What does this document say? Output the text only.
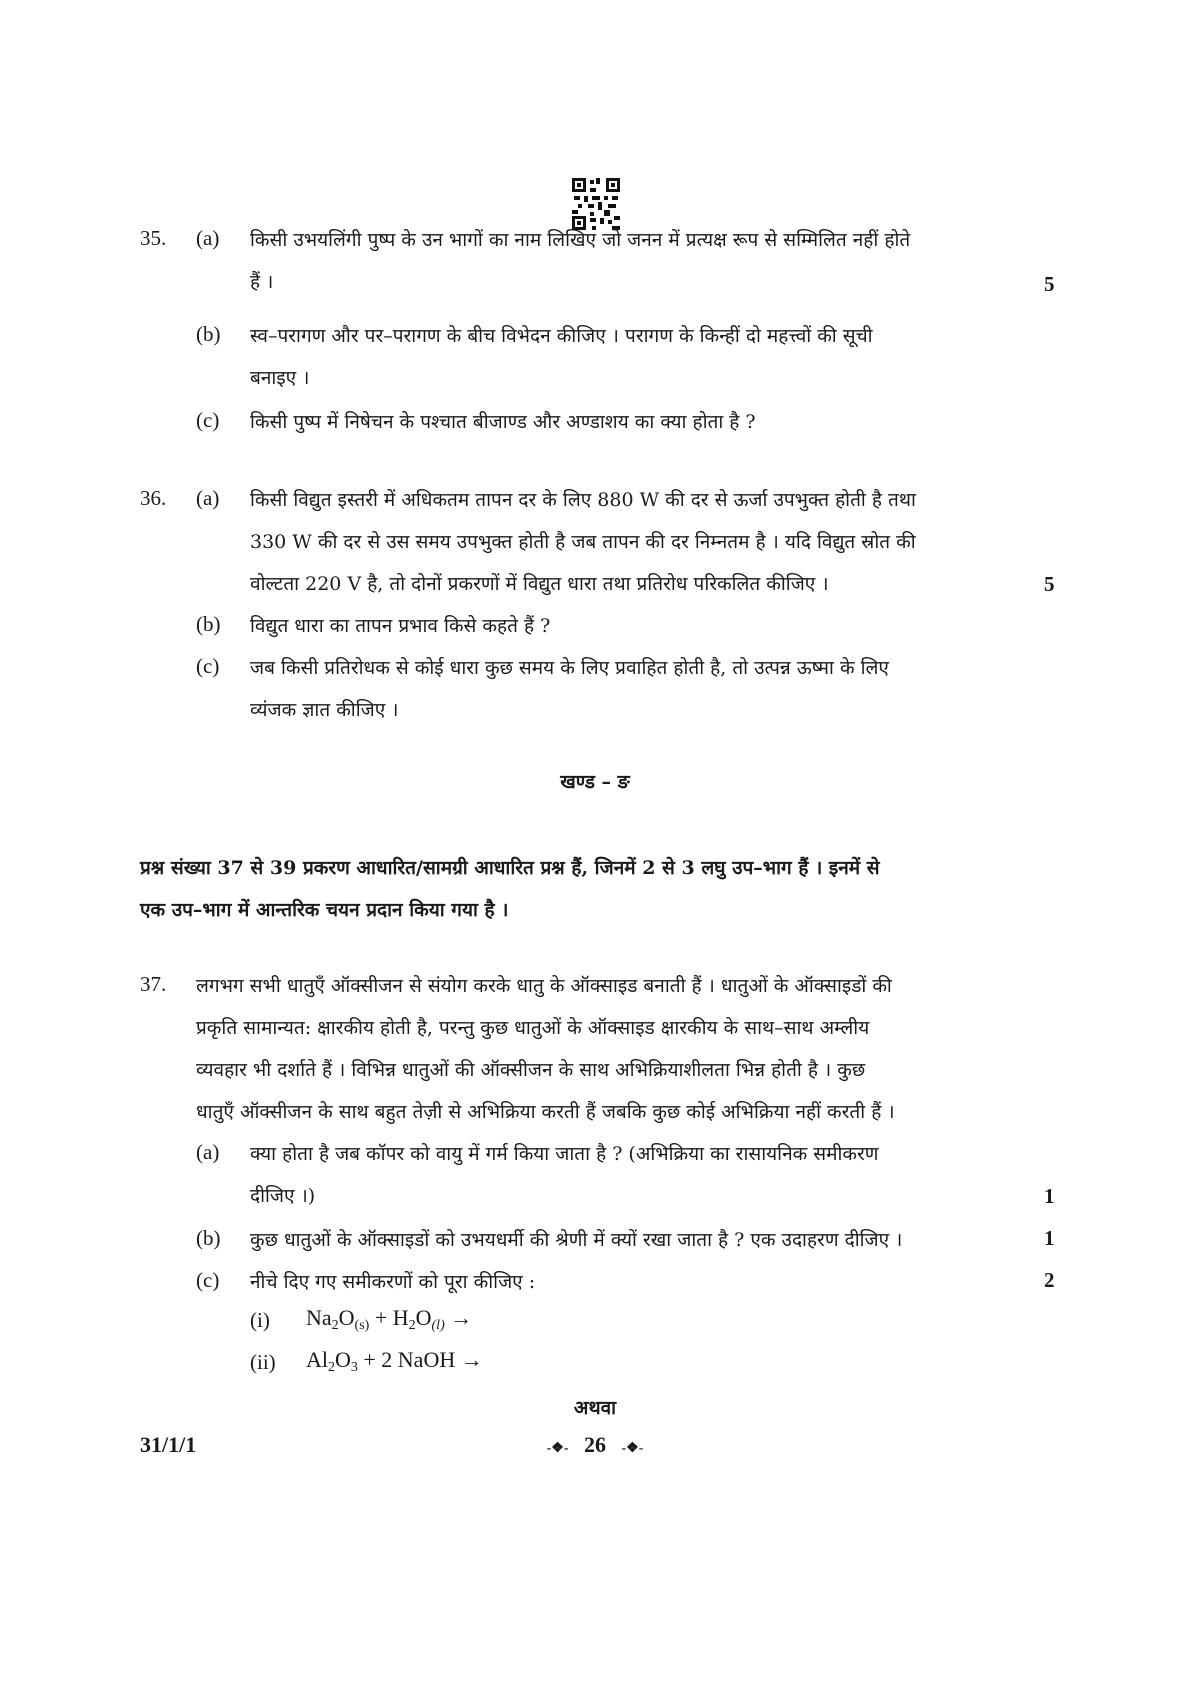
35. (a) किसी उभयलिंगी पुष्प के उन भागों का नाम लिखिए जो जनन में प्रत्यक्ष रूप से सम्मिलित नहीं होते
हैं ।	5
(b) स्व–परागण और पर–परागण के बीच विभेदन कीजिए । परागण के किन्हीं दो महत्त्वों की सूची
बनाइए ।
(c) किसी पुष्प में निषेचन के पश्चात बीजाण्ड और अण्डाशय का क्या होता है ?
36. (a) किसी विद्युत इस्तरी में अधिकतम तापन दर के लिए 880 W की दर से ऊर्जा उपभुक्त होती है तथा
330 W की दर से उस समय उपभुक्त होती है जब तापन की दर निम्नतम है । यदि विद्युत स्रोत की
वोल्टता 220 V है, तो दोनों प्रकरणों में विद्युत धारा तथा प्रतिरोध परिकलित कीजिए ।	5
(b) विद्युत धारा का तापन प्रभाव किसे कहते हैं ?
(c) जब किसी प्रतिरोधक से कोई धारा कुछ समय के लिए प्रवाहित होती है, तो उत्पन्न ऊष्मा के लिए
व्यंजक ज्ञात कीजिए ।
खण्ड – ङ
प्रश्न संख्या 37 से 39 प्रकरण आधारित/सामग्री आधारित प्रश्न हैं, जिनमें 2 से 3 लघु उप–भाग हैं । इनमें से
एक उप–भाग में आन्तरिक चयन प्रदान किया गया है ।
37. लगभग सभी धातुएँ ऑक्सीजन से संयोग करके धातु के ऑक्साइड बनाती हैं । धातुओं के ऑक्साइडों की
प्रकृति सामान्यत: क्षारकीय होती है, परन्तु कुछ धातुओं के ऑक्साइड क्षारकीय के साथ–साथ अम्लीय
व्यवहार भी दर्शाते हैं । विभिन्न धातुओं की ऑक्सीजन के साथ अभिक्रियाशीलता भिन्न होती है । कुछ
धातुएँ ऑक्सीजन के साथ बहुत तेज़ी से अभिक्रिया करती हैं जबकि कुछ कोई अभिक्रिया नहीं करती हैं ।
(a) क्या होता है जब कॉपर को वायु में गर्म किया जाता है ? (अभिक्रिया का रासायनिक समीकरण
दीजिए ।)	1
(b) कुछ धातुओं के ऑक्साइडों को उभयधर्मी की श्रेणी में क्यों रखा जाता है ? एक उदाहरण दीजिए ।	1
(c) नीचे दिए गए समीकरणों को पूरा कीजिए :	2
(i) $Na_2O_{(s)} + H_2O_{(l)}$ →
(ii) $Al_2O_3 + 2$ NaOH →
अथवा
31/1/1	-❖- 26 -❖-
